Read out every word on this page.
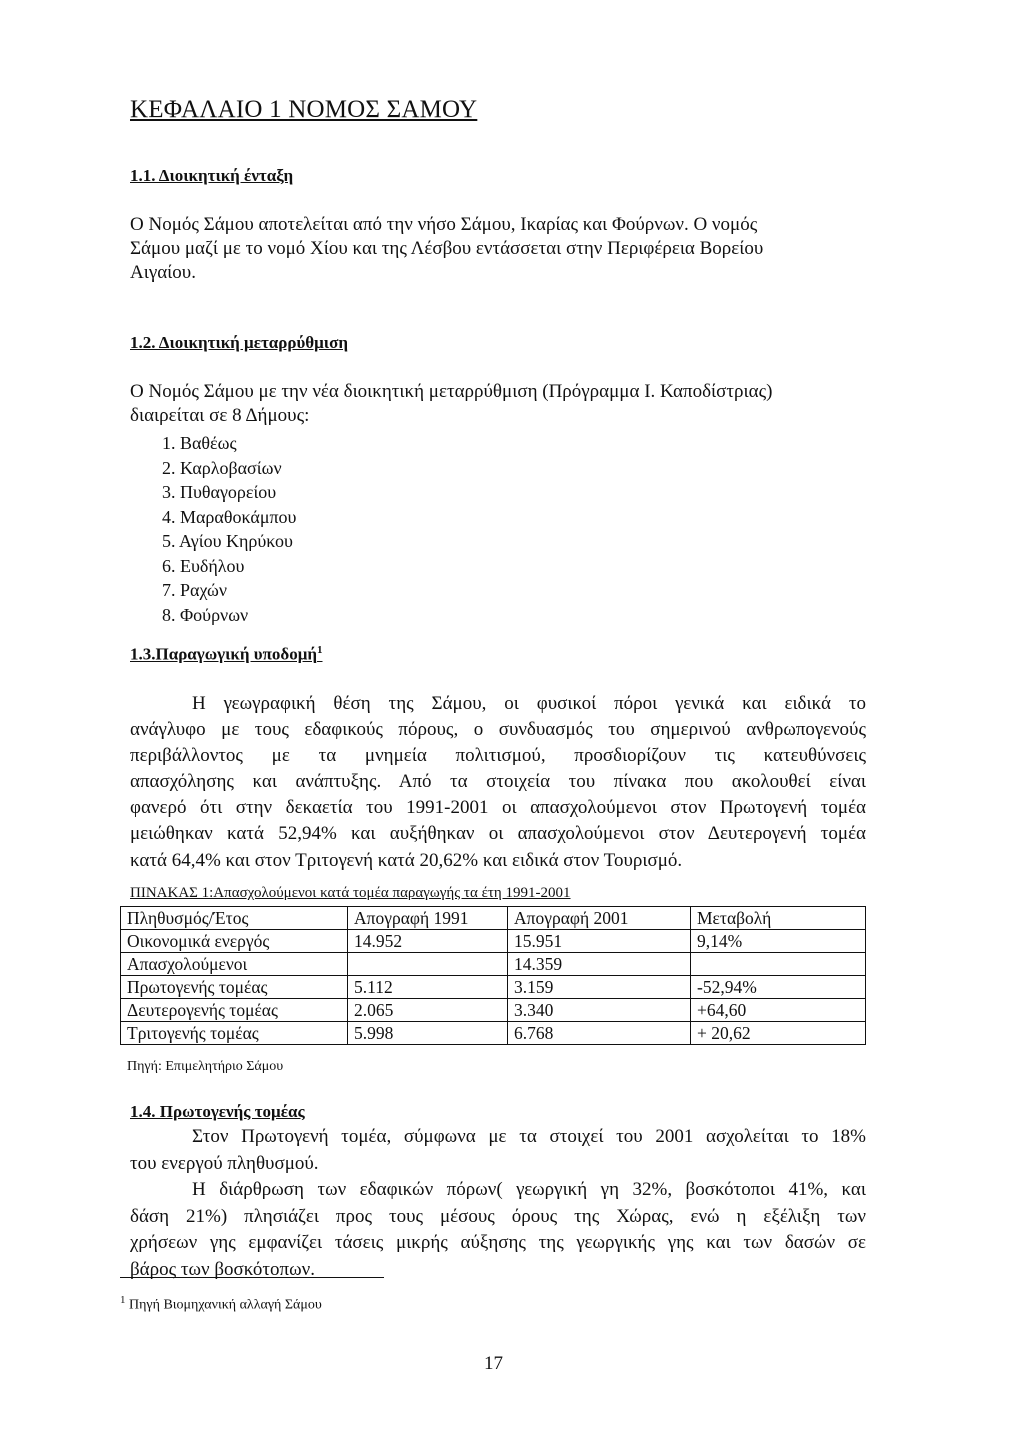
ΚΕΦΑΛΑΙΟ 1 ΝΟΜΟΣ ΣΑΜΟΥ
1.1. Διοικητική ένταξη
Ο Νομός Σάμου αποτελείται από την νήσο Σάμου, Ικαρίας και Φούρνων. Ο νομός
Σάμου μαζί με το νομό Χίου και της Λέσβου εντάσσεται στην Περιφέρεια Βορείου
Αιγαίου.
1.2. Διοικητική μεταρρύθμιση
Ο Νομός Σάμου με την νέα διοικητική μεταρρύθμιση (Πρόγραμμα Ι. Καποδίστριας)
διαιρείται σε 8 Δήμους:
1. Βαθέως
2. Καρλοβασίων
3. Πυθαγορείου
4. Μαραθοκάμπου
5. Αγίου Κηρύκου
6. Ευδήλου
7. Ραχών
8. Φούρνων
1.3.Παραγωγική υποδομή$^1$
Η γεωγραφική θέση της Σάμου, οι φυσικοί πόροι γενικά και ειδικά το
ανάγλυφο με τους εδαφικούς πόρους, ο συνδυασμός του σημερινού ανθρωπογενούς
περιβάλλοντος με τα μνημεία πολιτισμού, προσδιορίζουν τις κατευθύνσεις
απασχόλησης και ανάπτυξης. Από τα στοιχεία του πίνακα που ακολουθεί είναι
φανερό ότι στην δεκαετία του 1991-2001 οι απασχολούμενοι στον Πρωτογενή τομέα
μειώθηκαν κατά 52,94% και αυξήθηκαν οι απασχολούμενοι στον Δευτερογενή τομέα
κατά 64,4% και στον Τριτογενή κατά 20,62% και ειδικά στον Τουρισμό.
ΠΙΝΑΚΑΣ 1:Απασχολούμενοι κατά τομέα παραγωγής τα έτη 1991-2001
Πληθυσμός/Έτος	Απογραφή 1991	Απογραφή 2001	Μεταβολή
Οικονομικά ενεργός	14.952	15.951	9,14%
Απασχολούμενοι		14.359	
Πρωτογενής τομέας	5.112	3.159	-52,94%
Δευτερογενής τομέας	2.065	3.340	+64,60
Τριτογενής τομέας	5.998	6.768	+ 20,62
Πηγή: Επιμελητήριο Σάμου
1.4. Πρωτογενής τομέας
Στον Πρωτογενή τομέα, σύμφωνα με τα στοιχεί του 2001 ασχολείται το 18%
του ενεργού πληθυσμού.
Η διάρθρωση των εδαφικών πόρων( γεωργική γη 32%, βοσκότοποι 41%, και
δάση 21%) πλησιάζει προς τους μέσους όρους της Χώρας, ενώ η εξέλιξη των
χρήσεων γης εμφανίζει τάσεις μικρής αύξησης της γεωργικής γης και των δασών σε
βάρος των βοσκότοπων.
$^1$ Πηγή Βιομηχανική αλλαγή Σάμου
17
